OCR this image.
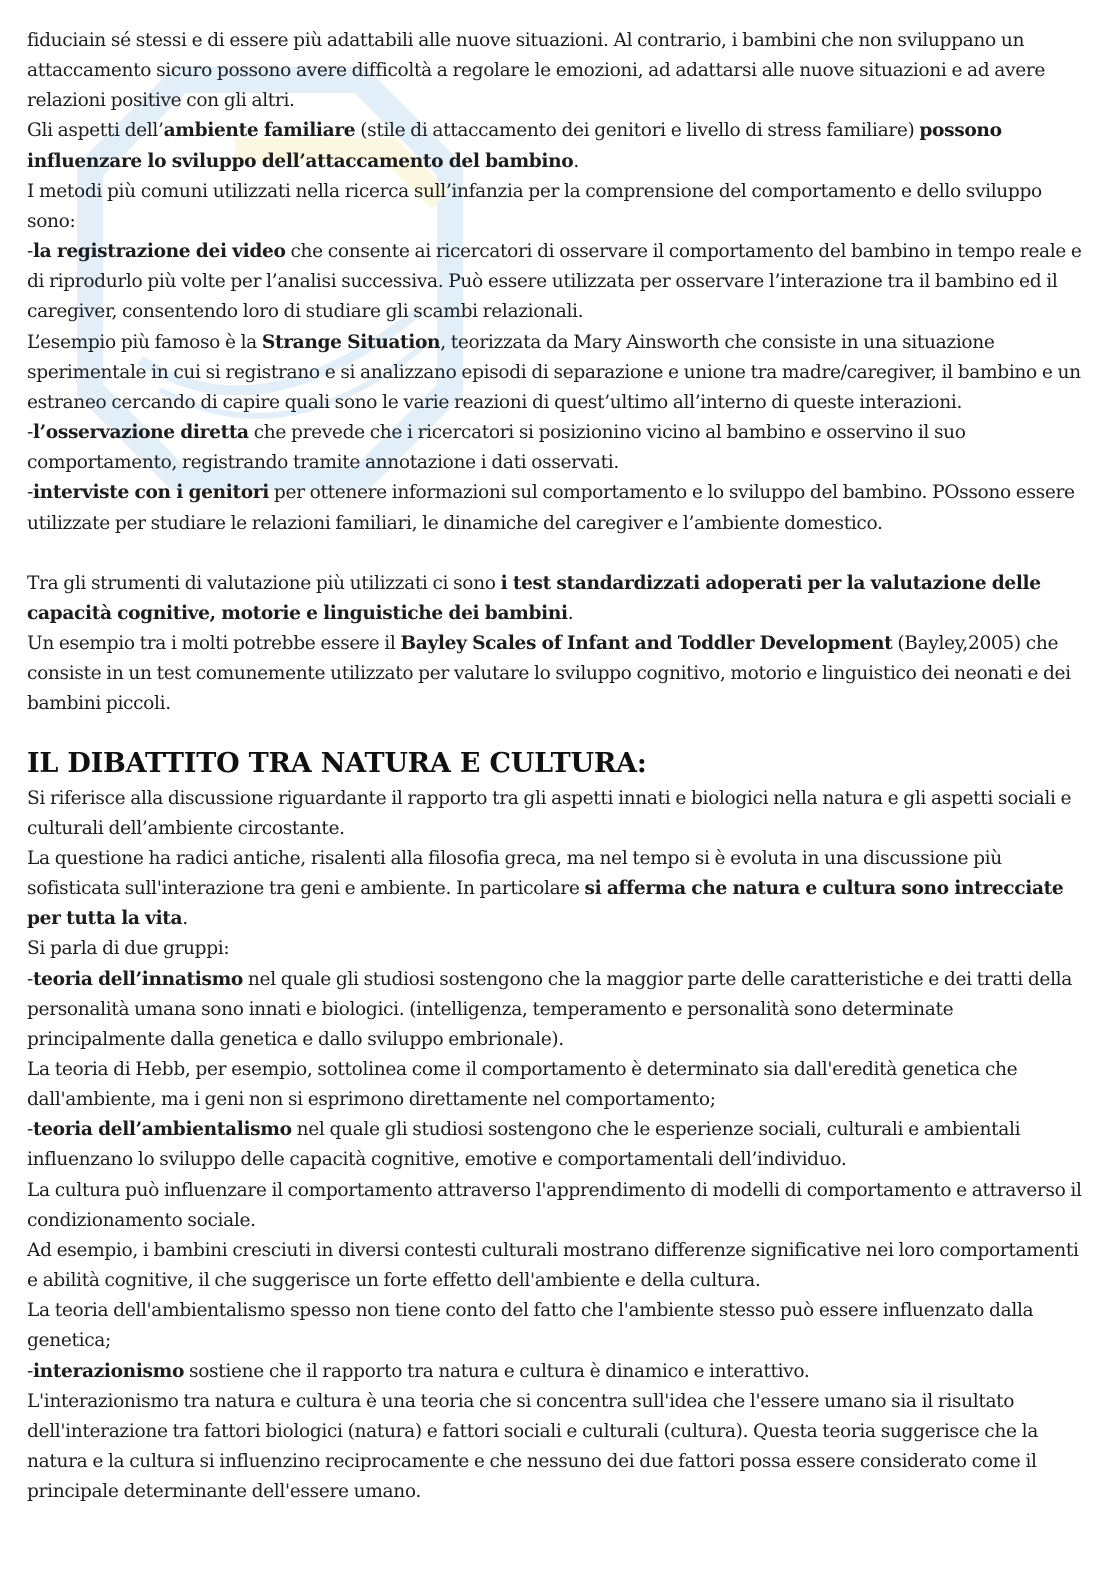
fiduciain sé stessi e di essere più adattabili alle nuove situazioni. Al contrario, i bambini che non sviluppano un attaccamento sicuro possono avere difficoltà a regolare le emozioni, ad adattarsi alle nuove situazioni e ad avere relazioni positive con gli altri.

Gli aspetti dell’ambiente familiare (stile di attaccamento dei genitori e livello di stress familiare) possono influenzare lo sviluppo dell’attaccamento del bambino.

I metodi più comuni utilizzati nella ricerca sull’infanzia per la comprensione del comportamento e dello sviluppo sono:

-la registrazione dei video che consente ai ricercatori di osservare il comportamento del bambino in tempo reale e di riprodurlo più volte per l’analisi successiva. Può essere utilizzata per osservare l’interazione tra il bambino ed il caregiver, consentendo loro di studiare gli scambi relazionali.

L’esempio più famoso è la Strange Situation, teorizzata da Mary Ainsworth che consiste in una situazione sperimentale in cui si registrano e si analizzano episodi di separazione e unione tra madre/caregiver, il bambino e un estraneo cercando di capire quali sono le varie reazioni di quest’ultimo all’interno di queste interazioni.

-l’osservazione diretta che prevede che i ricercatori si posizionino vicino al bambino e osservino il suo comportamento, registrando tramite annotazione i dati osservati.

-interviste con i genitori per ottenere informazioni sul comportamento e lo sviluppo del bambino. POssono essere utilizzate per studiare le relazioni familiari, le dinamiche del caregiver e l’ambiente domestico.

Tra gli strumenti di valutazione più utilizzati ci sono i test standardizzati adoperati per la valutazione delle capacità cognitive, motorie e linguistiche dei bambini.

Un esempio tra i molti potrebbe essere il Bayley Scales of Infant and Toddler Development (Bayley,2005) che consiste in un test comunemente utilizzato per valutare lo sviluppo cognitivo, motorio e linguistico dei neonati e dei bambini piccoli.

IL DIBATTITO TRA NATURA E CULTURA:

Si riferisce alla discussione riguardante il rapporto tra gli aspetti innati e biologici nella natura e gli aspetti sociali e culturali dell’ambiente circostante.

La questione ha radici antiche, risalenti alla filosofia greca, ma nel tempo si è evoluta in una discussione più sofisticata sull'interazione tra geni e ambiente. In particolare si afferma che natura e cultura sono intrecciate per tutta la vita.

Si parla di due gruppi:

-teoria dell’innatismo nel quale gli studiosi sostengono che la maggior parte delle caratteristiche e dei tratti della personalità umana sono innati e biologici. (intelligenza, temperamento e personalità sono determinate principalmente dalla genetica e dallo sviluppo embrionale).

La teoria di Hebb, per esempio, sottolinea come il comportamento è determinato sia dall'eredità genetica che dall'ambiente, ma i geni non si esprimono direttamente nel comportamento;

-teoria dell’ambientalismo nel quale gli studiosi sostengono che le esperienze sociali, culturali e ambientali influenzano lo sviluppo delle capacità cognitive, emotive e comportamentali dell’individuo.

La cultura può influenzare il comportamento attraverso l'apprendimento di modelli di comportamento e attraverso il condizionamento sociale.

Ad esempio, i bambini cresciuti in diversi contesti culturali mostrano differenze significative nei loro comportamenti e abilità cognitive, il che suggerisce un forte effetto dell'ambiente e della cultura.

La teoria dell'ambientalismo spesso non tiene conto del fatto che l'ambiente stesso può essere influenzato dalla genetica;

-interazionismo sostiene che il rapporto tra natura e cultura è dinamico e interattivo.

L'interazionismo tra natura e cultura è una teoria che si concentra sull'idea che l'essere umano sia il risultato dell'interazione tra fattori biologici (natura) e fattori sociali e culturali (cultura). Questa teoria suggerisce che la natura e la cultura si influenzino reciprocamente e che nessuno dei due fattori possa essere considerato come il principale determinante dell'essere umano.
